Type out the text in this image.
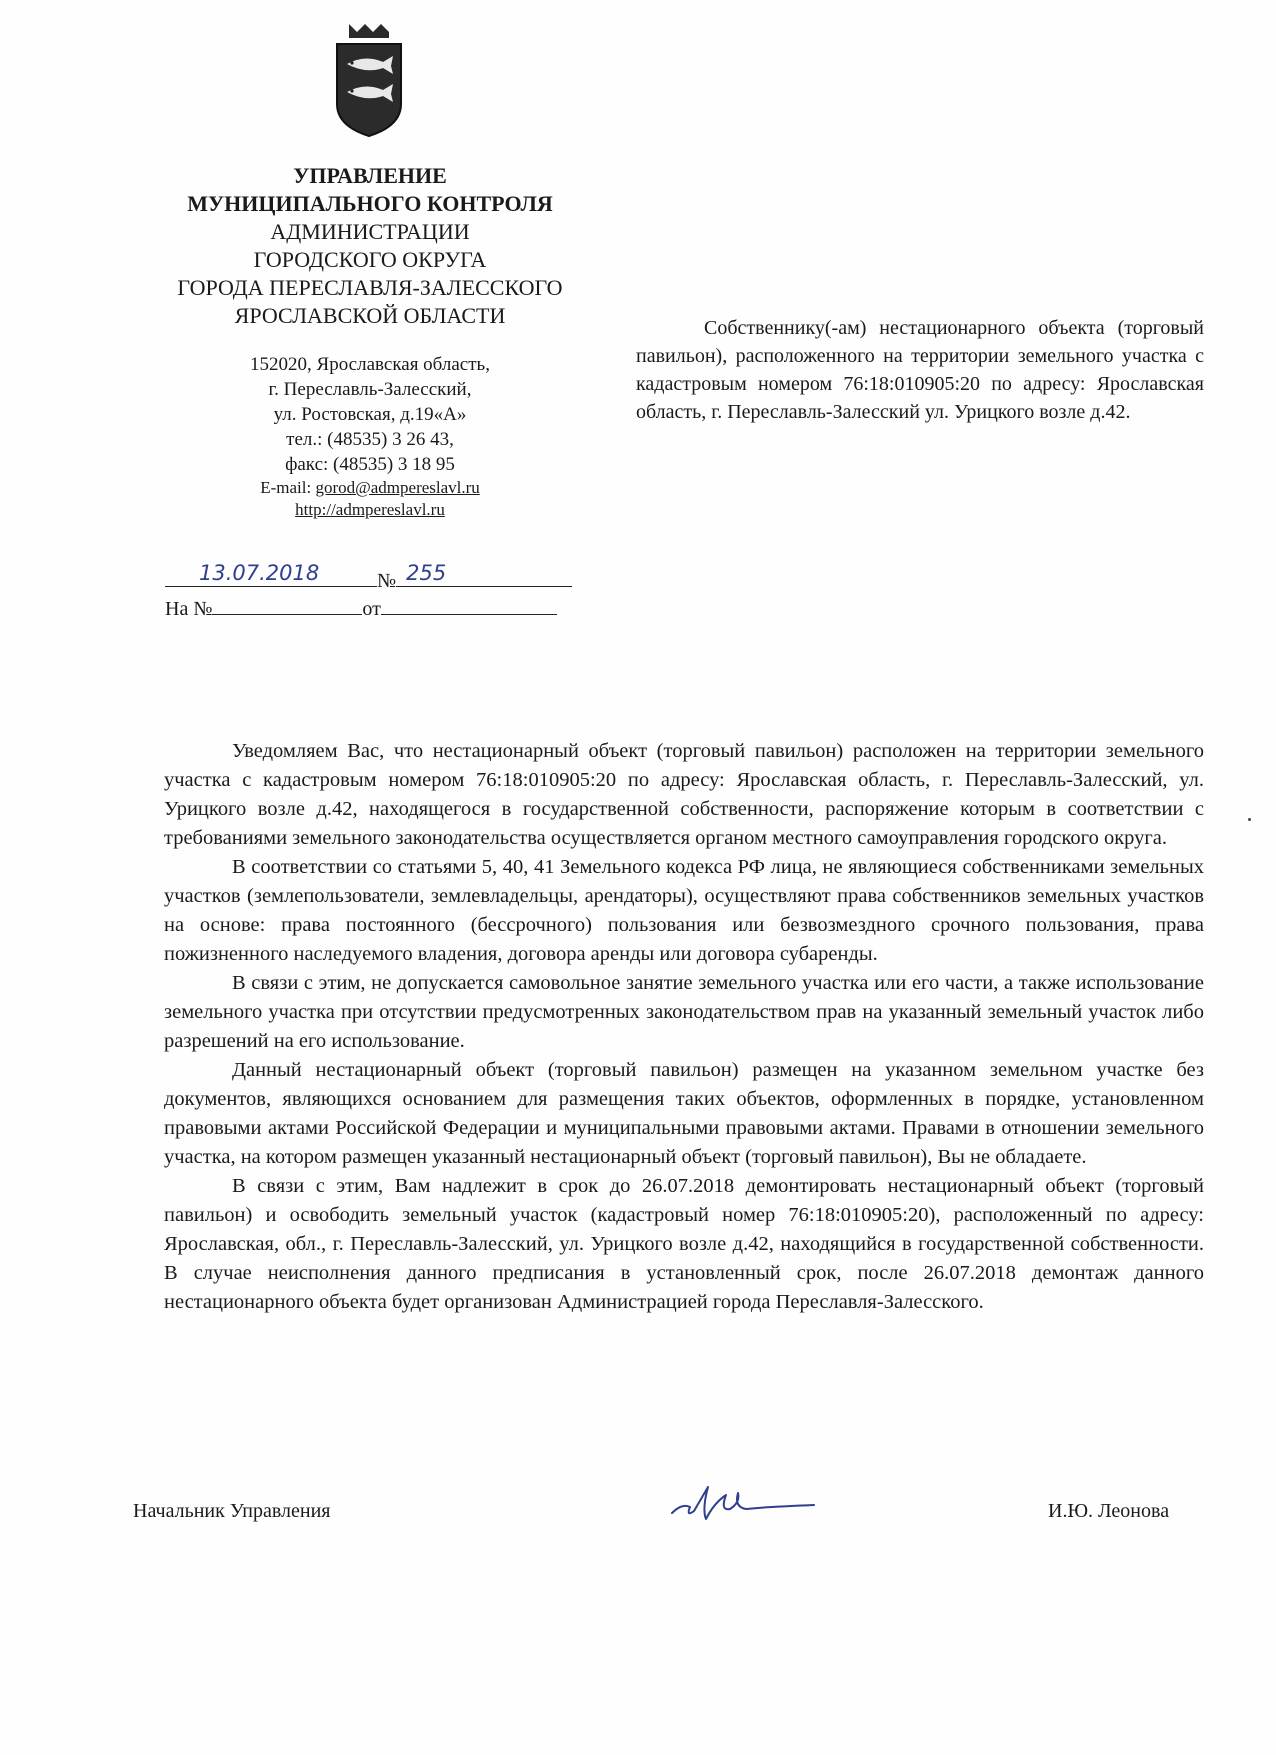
УПРАВЛЕНИЕ
МУНИЦИПАЛЬНОГО КОНТРОЛЯ
АДМИНИСТРАЦИИ
ГОРОДСКОГО ОКРУГА
ГОРОДА ПЕРЕСЛАВЛЯ-ЗАЛЕССКОГО
ЯРОСЛАВСКОЙ ОБЛАСТИ
152020, Ярославская область,
г. Переславль-Залесский,
ул. Ростовская, д.19«А»
тел.: (48535) 3 26 43,
факс: (48535) 3 18 95
E-mail: gorod@admpereslavl.ru
http://admpereslavl.ru
13.07.2018	№ 255
На №	от

Собственнику(-ам) нестационарного объекта (торговый павильон), расположенного на территории земельного участка с кадастровым номером 76:18:010905:20 по адресу: Ярославская область, г. Переславль-Залесский ул. Урицкого возле д.42.

Уведомляем Вас, что нестационарный объект (торговый павильон) расположен на территории земельного участка с кадастровым номером 76:18:010905:20 по адресу: Ярославская область, г. Переславль-Залесский, ул. Урицкого возле д.42, находящегося в государственной собственности, распоряжение которым в соответствии с требованиями земельного законодательства осуществляется органом местного самоуправления городского округа.

В соответствии со статьями 5, 40, 41 Земельного кодекса РФ лица, не являющиеся собственниками земельных участков (землепользователи, землевладельцы, арендаторы), осуществляют права собственников земельных участков на основе: права постоянного (бессрочного) пользования или безвозмездного срочного пользования, права пожизненного наследуемого владения, договора аренды или договора субаренды.

В связи с этим, не допускается самовольное занятие земельного участка или его части, а также использование земельного участка при отсутствии предусмотренных законодательством прав на указанный земельный участок либо разрешений на его использование.

Данный нестационарный объект (торговый павильон) размещен на указанном земельном участке без документов, являющихся основанием для размещения таких объектов, оформленных в порядке, установленном правовыми актами Российской Федерации и муниципальными правовыми актами. Правами в отношении земельного участка, на котором размещен указанный нестационарный объект (торговый павильон), Вы не обладаете.

В связи с этим, Вам надлежит в срок до 26.07.2018 демонтировать нестационарный объект (торговый павильон) и освободить земельный участок (кадастровый номер 76:18:010905:20), расположенный по адресу: Ярославская, обл., г. Переславль-Залесский, ул. Урицкого возле д.42, находящийся в государственной собственности. В случае неисполнения данного предписания в установленный срок, после 26.07.2018 демонтаж данного нестационарного объекта будет организован Администрацией города Переславля-Залесского.

Начальник Управления	И.Ю. Леонова
